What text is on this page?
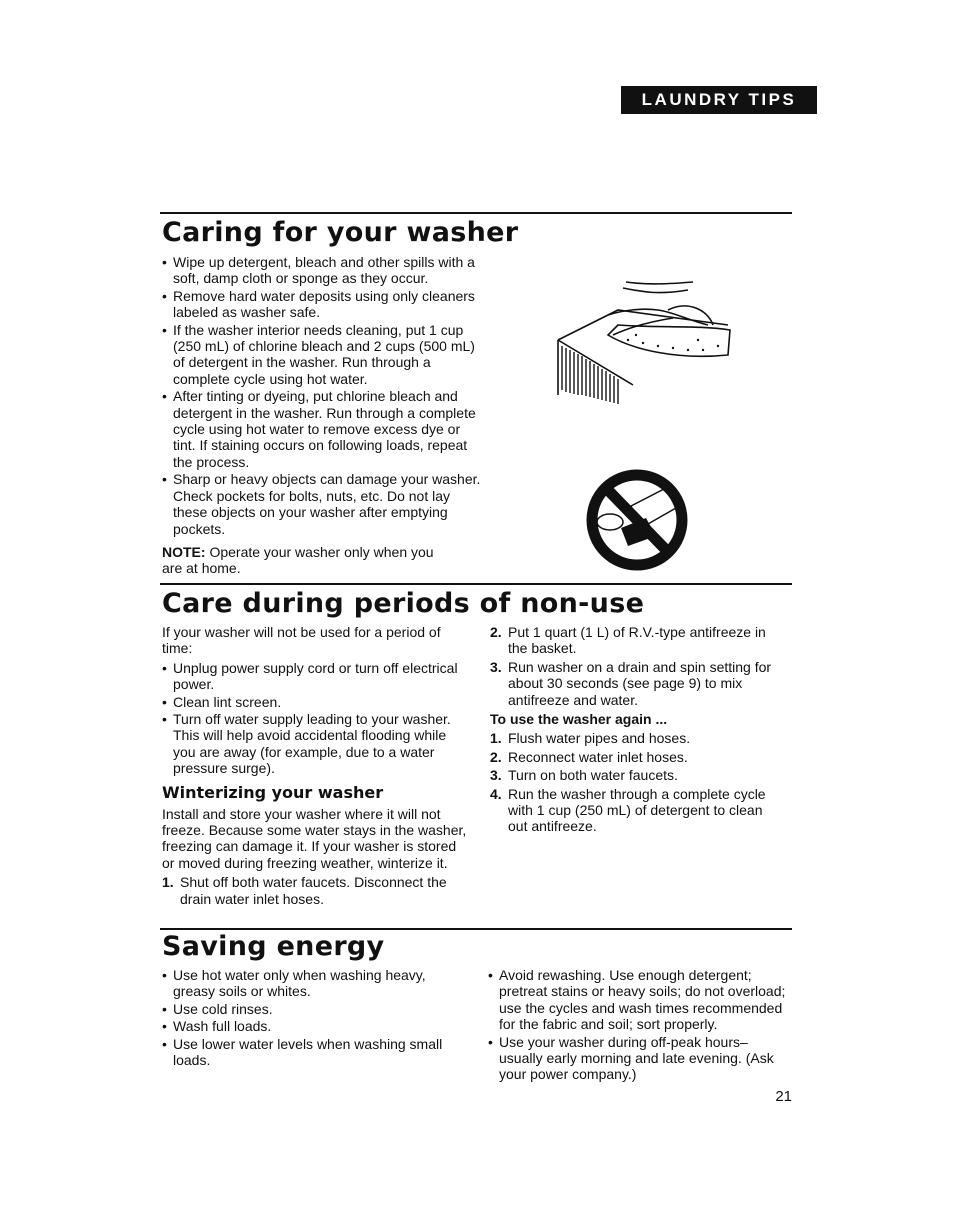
LAUNDRY TIPS
Caring for your washer
• Wipe up detergent, bleach and other spills with a soft, damp cloth or sponge as they occur.
• Remove hard water deposits using only cleaners labeled as washer safe.
• If the washer interior needs cleaning, put 1 cup (250 mL) of chlorine bleach and 2 cups (500 mL) of detergent in the washer. Run through a complete cycle using hot water.
• After tinting or dyeing, put chlorine bleach and detergent in the washer. Run through a complete cycle using hot water to remove excess dye or tint. If staining occurs on following loads, repeat the process.
• Sharp or heavy objects can damage your washer. Check pockets for bolts, nuts, etc. Do not lay these objects on your washer after emptying pockets.

NOTE: Operate your washer only when you are at home.

Care during periods of non-use

If your washer will not be used for a period of time:

• Unplug power supply cord or turn off electrical power.
• Clean lint screen.
• Turn off water supply leading to your washer. This will help avoid accidental flooding while you are away (for example, due to a water pressure surge).
Winterizing your washer

Install and store your washer where it will not freeze. Because some water stays in the washer, freezing can damage it. If your washer is stored or moved during freezing weather, winterize it.

1. Shut off both water faucets. Disconnect the drain water inlet hoses.
2. Put 1 quart (1 L) of R.V.-type antifreeze in the basket.
3. Run washer on a drain and spin setting for about 30 seconds (see page 9) to mix antifreeze and water.

To use the washer again ...

1. Flush water pipes and hoses.
2. Reconnect water inlet hoses.
3. Turn on both water faucets.
4. Run the washer through a complete cycle with 1 cup (250 mL) of detergent to clean out antifreeze.
Saving energy
• Use hot water only when washing heavy, greasy soils or whites.
• Use cold rinses.
• Wash full loads.
• Use lower water levels when washing small loads.
• Avoid rewashing. Use enough detergent; pretreat stains or heavy soils; do not overload; use the cycles and wash times recommended for the fabric and soil; sort properly.
• Use your washer during off-peak hours–usually early morning and late evening. (Ask your power company.)
21
